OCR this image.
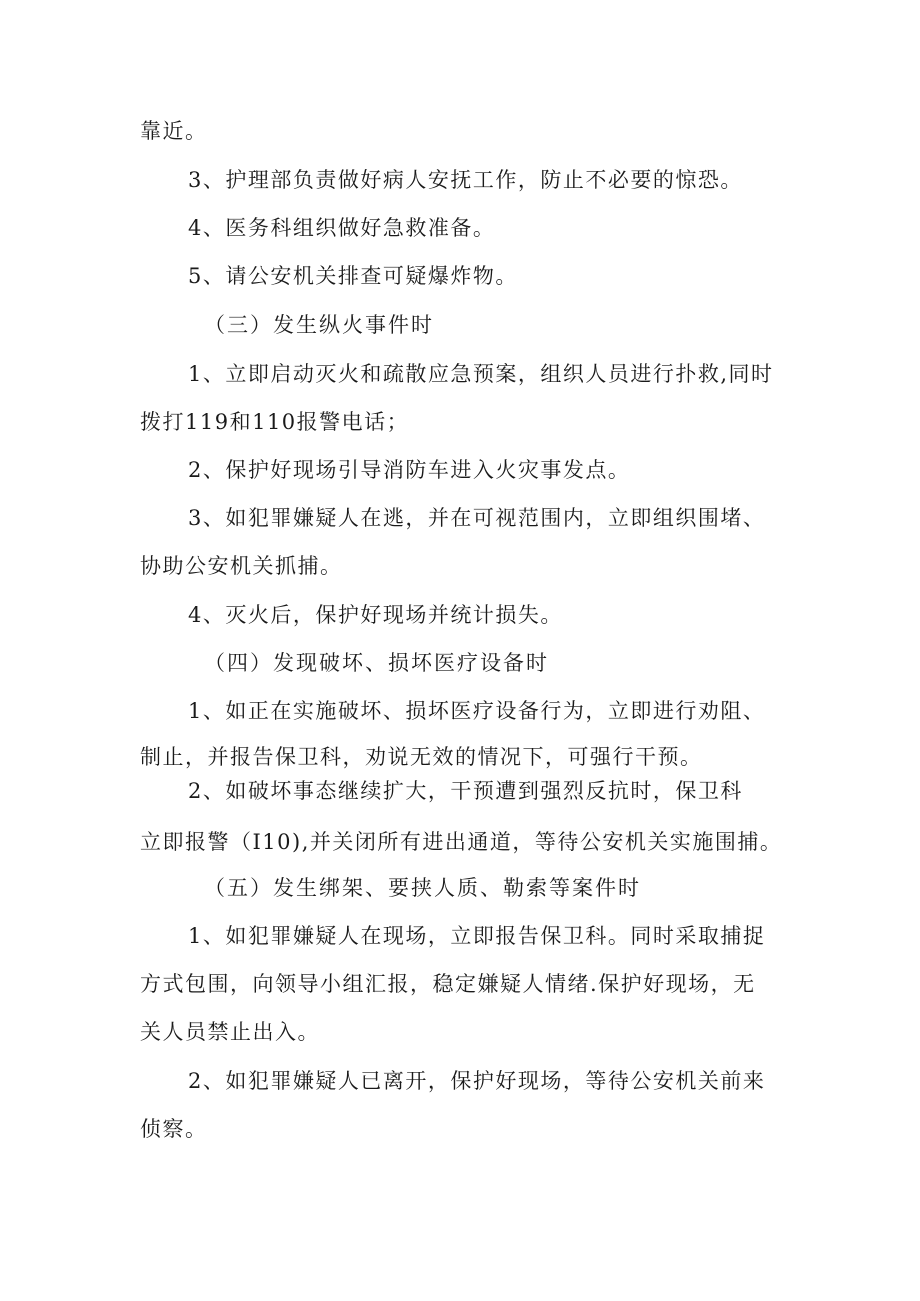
靠近。
3、护理部负责做好病人安抚工作，防止不必要的惊恐。
4、医务科组织做好急救准备。
5、请公安机关排查可疑爆炸物。
（三）发生纵火事件时
1、立即启动灭火和疏散应急预案，组织人员进行扑救,同时
拨打119和110报警电话；
2、保护好现场引导消防车进入火灾事发点。
3、如犯罪嫌疑人在逃，并在可视范围内，立即组织围堵、
协助公安机关抓捕。
4、灭火后，保护好现场并统计损失。
（四）发现破坏、损坏医疗设备时
1、如正在实施破坏、损坏医疗设备行为，立即进行劝阻、
制止，并报告保卫科，劝说无效的情况下，可强行干预。
2、如破坏事态继续扩大，干预遭到强烈反抗时，保卫科
立即报警（I10),并关闭所有进出通道，等待公安机关实施围捕。
（五）发生绑架、要挟人质、勒索等案件时
1、如犯罪嫌疑人在现场，立即报告保卫科。同时采取捕捉
方式包围，向领导小组汇报，稳定嫌疑人情绪.保护好现场，无
关人员禁止出入。
2、如犯罪嫌疑人已离开，保护好现场，等待公安机关前来
侦察。
